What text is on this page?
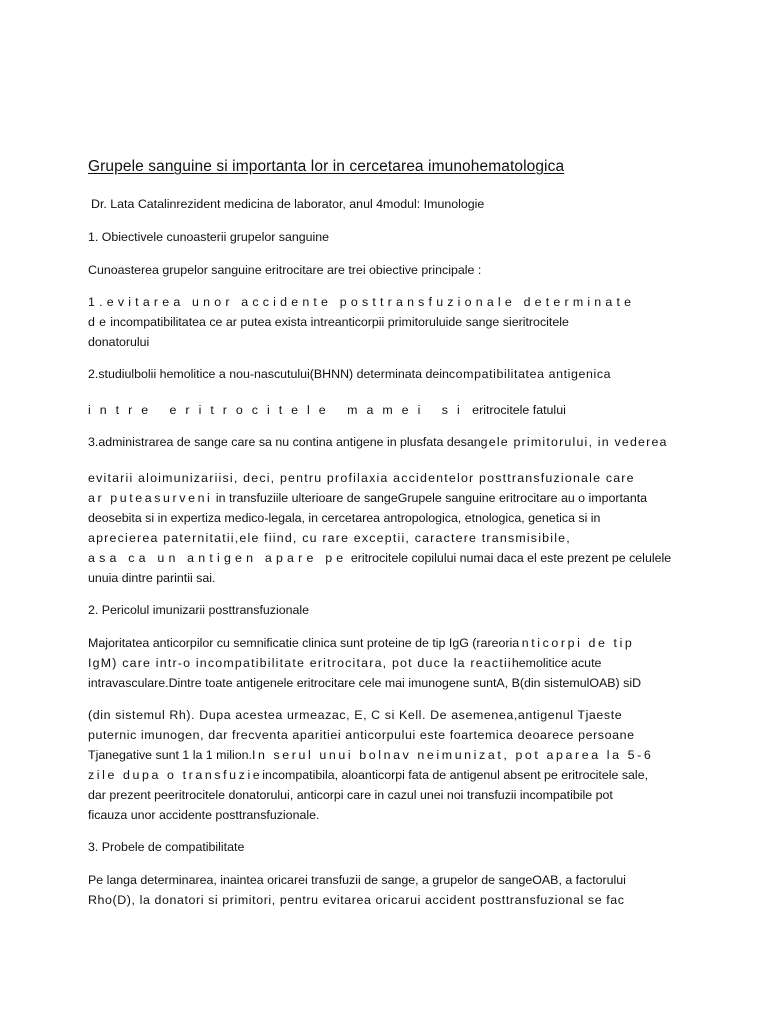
Grupele sanguine si importanta lor in cercetarea imunohematologica

Dr. Lata Catalinrezident medicina de laborator, anul 4modul: Imunologie

1. Obiectivele cunoasterii grupelor sanguine

Cunoasterea grupelor sanguine eritrocitare are trei obiective principale :

1.evitarea unor accidente posttransfuzionale determinate
deincompatibilitatea ce ar putea exista intreanticorpii primitoruluide sange sieritrocitele
donatorului

2.studiulbolii hemolitice a nou-nascutului(BHNN) determinata deincompatibilitatea antigenica

intre eritrocitele mamei si eritrocitele fatului

3.administrarea de sange care sa nu contina antigene in plusfata desangele primitorului, in vederea

evitarii aloimunizariisi, deci, pentru profilaxia accidentelor posttransfuzionale care
ar puteasurveni in transfuziile ulterioare de sangeGrupele sanguine eritrocitare au o importanta
deosebita si in expertiza medico-legala, in cercetarea antropologica, etnologica, genetica si in
aprecierea paternitatii,ele fiind, cu rare exceptii, caractere transmisibile,
asa ca un antigen apare pe eritrocitele copilului numai daca el este prezent pe celulele
unuia dintre parintii sai.

2. Pericolul imunizarii posttransfuzionale

Majoritatea anticorpilor cu semnificatie clinica sunt proteine de tip IgG (rareorianticorpi de tip
IgM) care intr-o incompatibilitate eritrocitara, pot duce la reactiihemolitice acute
intravasculare.Dintre toate antigenele eritrocitare cele mai imunogene suntA, B(din sistemulOAB) siD

(din sistemul Rh). Dupa acestea urmeazac, E, C si Kell. De asemenea,antigenul Tjaeste
puternic imunogen, dar frecventa aparitiei anticorpului este foartemica deoarece persoane
Tjanegative sunt 1 la 1 milion.In serul unui bolnav neimunizat, pot aparea la 5-6
zile dupa o transfuzieincompatibila, aloanticorpi fata de antigenul absent pe eritrocitele sale,
dar prezent peeritrocitele donatorului, anticorpi care in cazul unei noi transfuzii incompatibile pot
ficauza unor accidente posttransfuzionale.

3. Probele de compatibilitate

Pe langa determinarea, inaintea oricarei transfuzii de sange, a grupelor de sangeOAB, a factorului
Rho(D), la donatori si primitori, pentru evitarea oricarui accident posttransfuzional se fac
